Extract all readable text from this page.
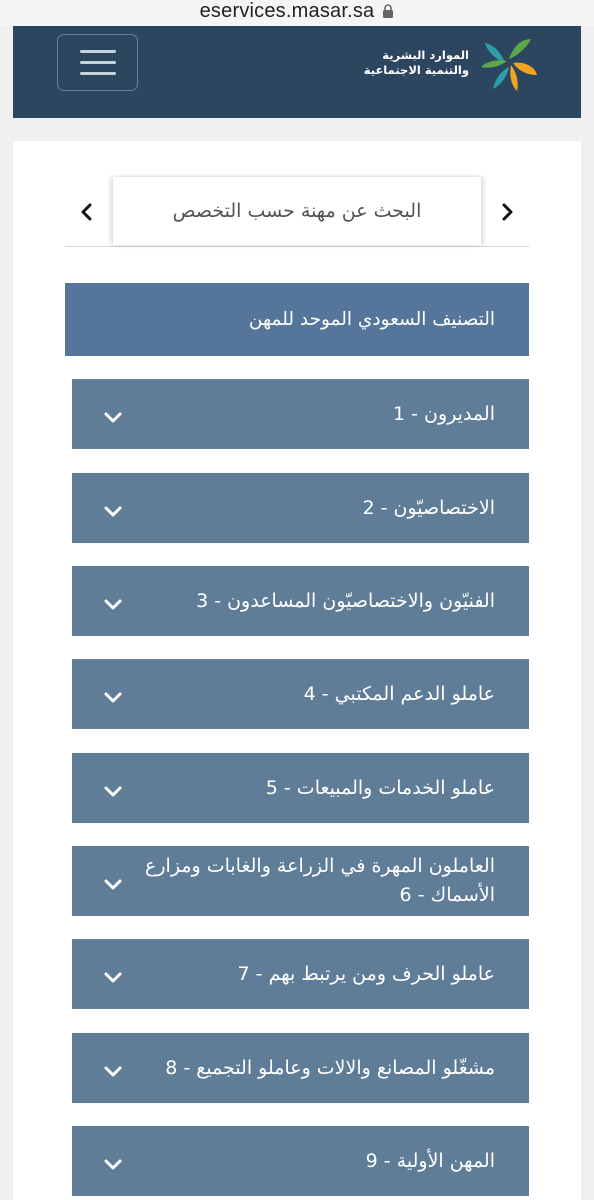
eservices.masar.sa
الموارد البشرية
والتنمية الاجتماعية
البحث عن مهنة حسب التخصص
التصنيف السعودي الموحد للمهن
المديرون - 1
الاختصاصيّون - 2
الفنيّون والاختصاصيّون المساعدون - 3
عاملو الدعم المكتبي - 4
عاملو الخدمات والمبيعات - 5
العاملون المهرة في الزراعة والغابات ومزارع الأسماك - 6
عاملو الحرف ومن يرتبط بهم - 7
مشغّلو المصانع والالات وعاملو التجميع - 8
المهن الأولية - 9
